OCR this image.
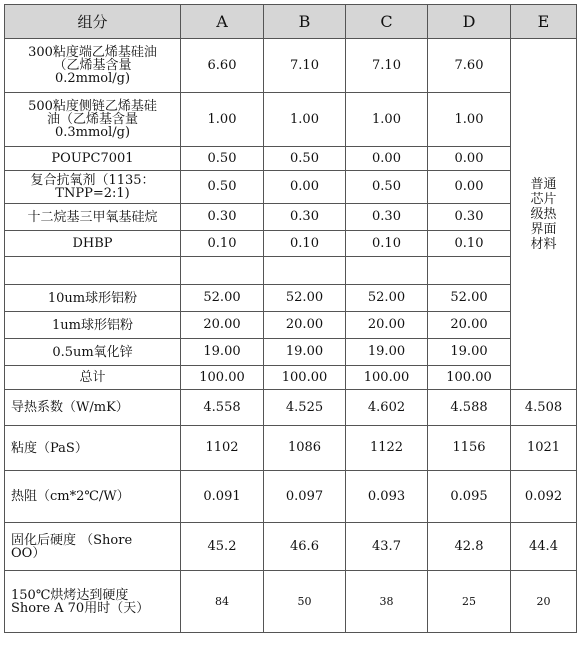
组分	A	B	C	D	E

300粘度端乙烯基硅油
（乙烯基含量
0.2mmol/g)	6.60	7.10	7.10	7.60	普通芯片级热界面材料

500粘度侧链乙烯基硅
油（乙烯基含量
0.3mmol/g)	1.00	1.00	1.00	1.00	

POUPC7001	0.50	0.50	0.00	0.00	

复合抗氧剂（1135：
TNPP=2:1)	0.50	0.00	0.50	0.00	

十二烷基三甲氧基硅烷	0.30	0.30	0.30	0.30	

DHBP	0.10	0.10	0.10	0.10	

10um球形铝粉	52.00	52.00	52.00	52.00	

1um球形铝粉	20.00	20.00	20.00	20.00	

0.5um氧化锌	19.00	19.00	19.00	19.00	

总计	100.00	100.00	100.00	100.00	

导热系数（W/mK）	4.558	4.525	4.602	4.588	4.508

粘度（PaS）	1102	1086	1122	1156	1021

热阻（cm*2℃/W）	0.091	0.097	0.093	0.095	0.092

固化后硬度 （Shore
OO）	45.2	46.6	43.7	42.8	44.4

150℃烘烤达到硬度
Shore A 70用时（天）	84	50	38	25	20
